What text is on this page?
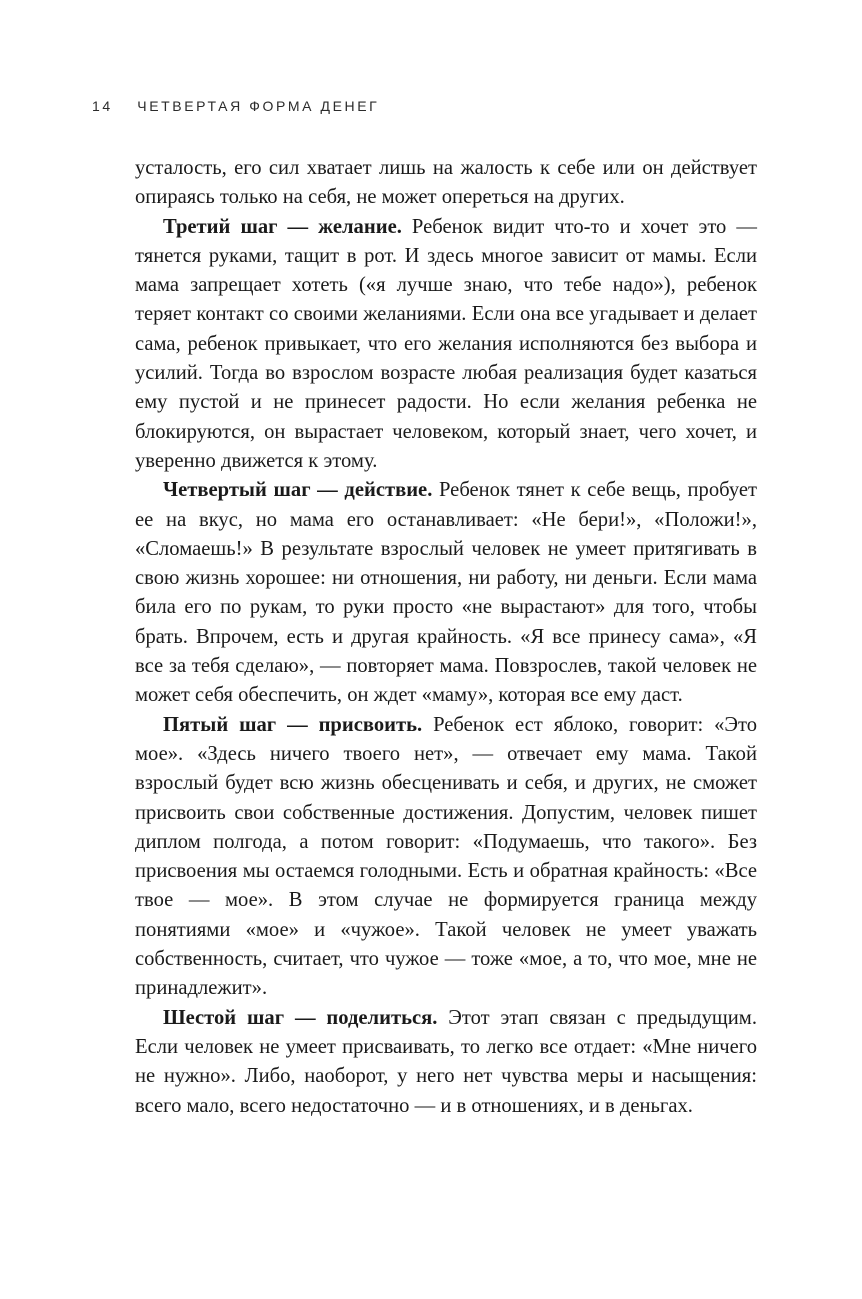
14 ЧЕТВЕРТАЯ ФОРМА ДЕНЕГ

усталость, его сил хватает лишь на жалость к себе или он действует опираясь только на себя, не может опереться на других.

Третий шаг — желание. Ребенок видит что-то и хочет это — тянется руками, тащит в рот. И здесь многое зависит от мамы. Если мама запрещает хотеть («я лучше знаю, что тебе надо»), ребенок теряет контакт со своими желаниями. Если она все угадывает и делает сама, ребенок привыкает, что его желания исполняются без выбора и усилий. Тогда во взрослом возрасте любая реализация будет казаться ему пустой и не принесет радости. Но если желания ребенка не блокируются, он вырастает человеком, который знает, чего хочет, и уверенно движется к этому.

Четвертый шаг — действие. Ребенок тянет к себе вещь, пробует ее на вкус, но мама его останавливает: «Не бери!», «Положи!», «Сломаешь!» В результате взрослый человек не умеет притягивать в свою жизнь хорошее: ни отношения, ни работу, ни деньги. Если мама била его по рукам, то руки просто «не вырастают» для того, чтобы брать. Впрочем, есть и другая крайность. «Я все принесу сама», «Я все за тебя сделаю», — повторяет мама. Повзрослев, такой человек не может себя обеспечить, он ждет «маму», которая все ему даст.

Пятый шаг — присвоить. Ребенок ест яблоко, говорит: «Это мое». «Здесь ничего твоего нет», — отвечает ему мама. Такой взрослый будет всю жизнь обесценивать и себя, и других, не сможет присвоить свои собственные достижения. Допустим, человек пишет диплом полгода, а потом говорит: «Подумаешь, что такого». Без присвоения мы остаемся голодными. Есть и обратная крайность: «Все твое — мое». В этом случае не формируется граница между понятиями «мое» и «чужое». Такой человек не умеет уважать собственность, считает, что чужое — тоже «мое, а то, что мое, мне не принадлежит».

Шестой шаг — поделиться. Этот этап связан с предыдущим. Если человек не умеет присваивать, то легко все отдает: «Мне ничего не нужно». Либо, наоборот, у него нет чувства меры и насыщения: всего мало, всего недостаточно — и в отношениях, и в деньгах.
